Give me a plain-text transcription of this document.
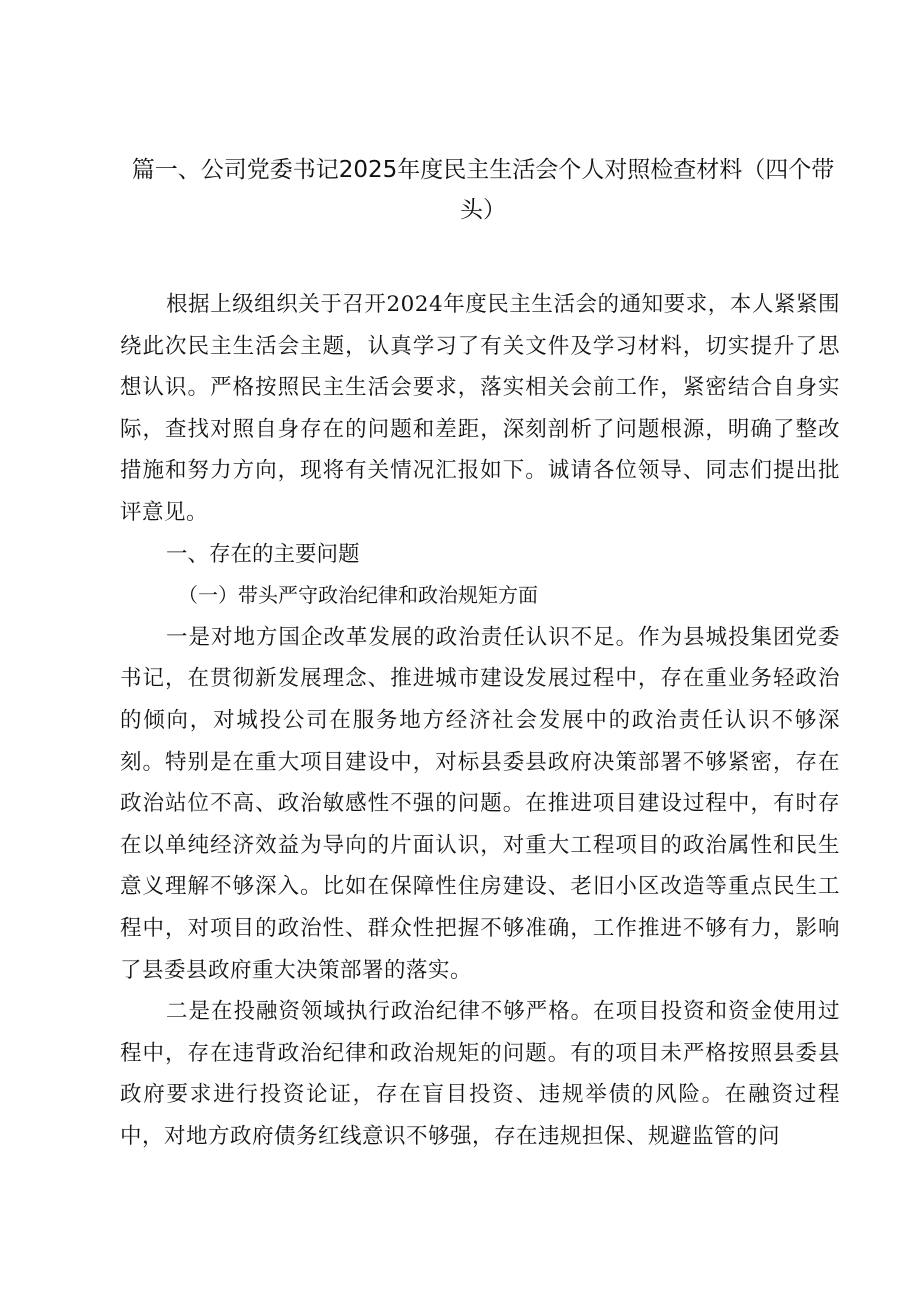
篇一、公司党委书记2025年度民主生活会个人对照检查材料（四个带头）

根据上级组织关于召开2024年度民主生活会的通知要求，本人紧紧围绕此次民主生活会主题，认真学习了有关文件及学习材料，切实提升了思想认识。严格按照民主生活会要求，落实相关会前工作，紧密结合自身实际，查找对照自身存在的问题和差距，深刻剖析了问题根源，明确了整改措施和努力方向，现将有关情况汇报如下。诚请各位领导、同志们提出批评意见。

一、存在的主要问题

（一）带头严守政治纪律和政治规矩方面

一是对地方国企改革发展的政治责任认识不足。作为县城投集团党委书记，在贯彻新发展理念、推进城市建设发展过程中，存在重业务轻政治的倾向，对城投公司在服务地方经济社会发展中的政治责任认识不够深刻。特别是在重大项目建设中，对标县委县政府决策部署不够紧密，存在政治站位不高、政治敏感性不强的问题。在推进项目建设过程中，有时存在以单纯经济效益为导向的片面认识，对重大工程项目的政治属性和民生意义理解不够深入。比如在保障性住房建设、老旧小区改造等重点民生工程中，对项目的政治性、群众性把握不够准确，工作推进不够有力，影响了县委县政府重大决策部署的落实。

二是在投融资领域执行政治纪律不够严格。在项目投资和资金使用过程中，存在违背政治纪律和政治规矩的问题。有的项目未严格按照县委县政府要求进行投资论证，存在盲目投资、违规举债的风险。在融资过程中，对地方政府债务红线意识不够强，存在违规担保、规避监管的问
